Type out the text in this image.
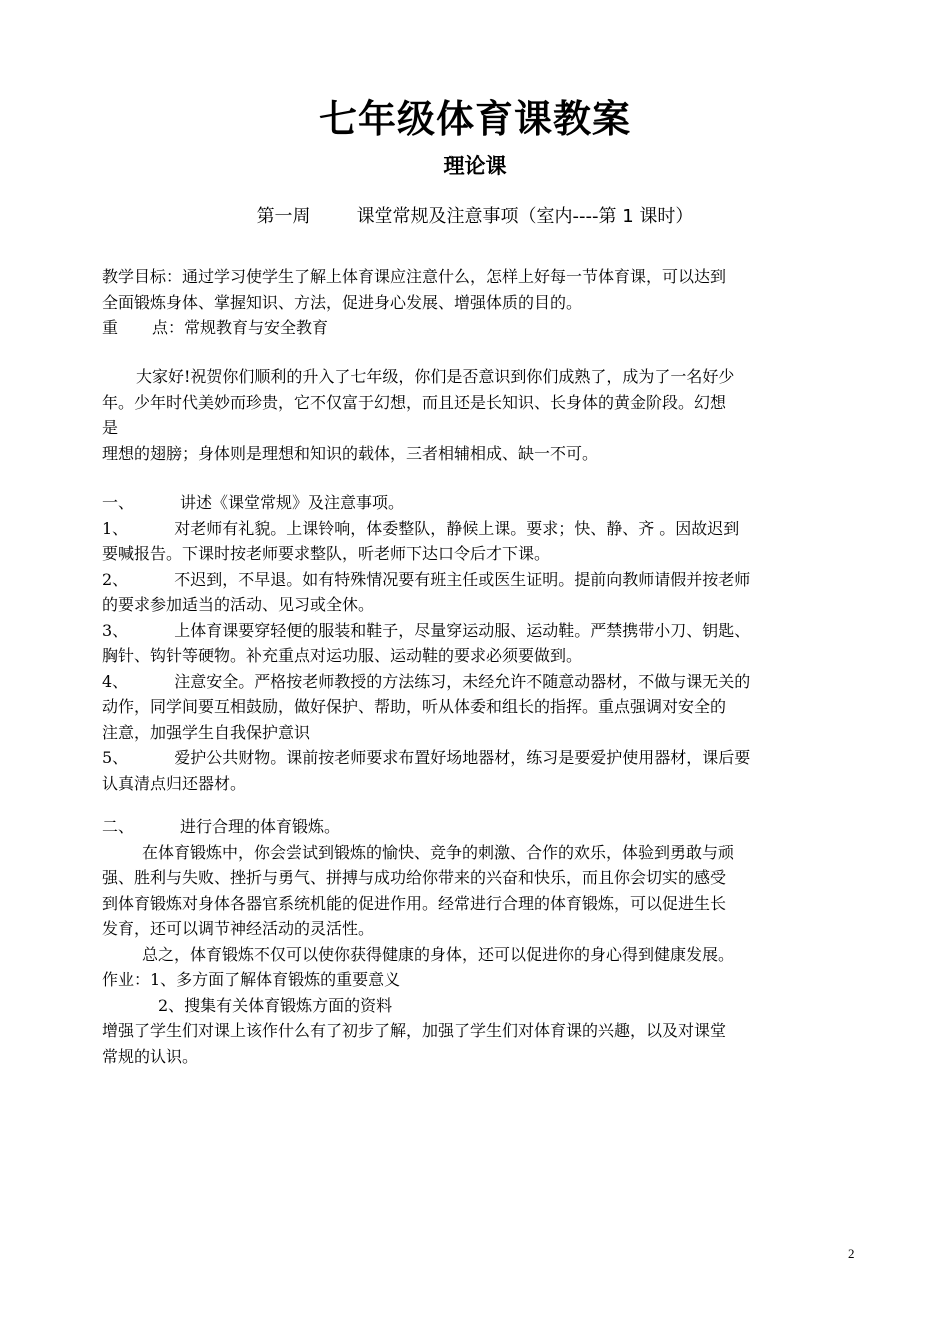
七年级体育课教案
理论课
第一周	课堂常规及注意事项（室内----第 1 课时）
教学目标：通过学习使学生了解上体育课应注意什么，怎样上好每一节体育课，可以达到
全面锻炼身体、掌握知识、方法，促进身心发展、增强体质的目的。
重 点：常规教育与安全教育
大家好!祝贺你们顺利的升入了七年级，你们是否意识到你们成熟了，成为了一名好少
年。少年时代美妙而珍贵，它不仅富于幻想，而且还是长知识、长身体的黄金阶段。幻想
是
理想的翅膀；身体则是理想和知识的载体，三者相辅相成、缺一不可。
一、	讲述《课堂常规》及注意事项。
1、	对老师有礼貌。上课铃响，体委整队，静候上课。要求；快、静、齐 。因故迟到
要喊报告。下课时按老师要求整队，听老师下达口令后才下课。
2、	不迟到，不早退。如有特殊情况要有班主任或医生证明。提前向教师请假并按老师
的要求参加适当的活动、见习或全休。
3、	上体育课要穿轻便的服装和鞋子，尽量穿运动服、运动鞋。严禁携带小刀、钥匙、
胸针、钩针等硬物。补充重点对运功服、运动鞋的要求必须要做到。
4、	注意安全。严格按老师教授的方法练习，未经允许不随意动器材，不做与课无关的
动作，同学间要互相鼓励，做好保护、帮助，听从体委和组长的指挥。重点强调对安全的
注意，加强学生自我保护意识
5、	爱护公共财物。课前按老师要求布置好场地器材，练习是要爱护使用器材，课后要
认真清点归还器材。
二、	进行合理的体育锻炼。
在体育锻炼中，你会尝试到锻炼的愉快、竞争的刺激、合作的欢乐，体验到勇敢与顽
强、胜利与失败、挫折与勇气、拼搏与成功给你带来的兴奋和快乐，而且你会切实的感受
到体育锻炼对身体各器官系统机能的促进作用。经常进行合理的体育锻炼，可以促进生长
发育，还可以调节神经活动的灵活性。
总之，体育锻炼不仅可以使你获得健康的身体，还可以促进你的身心得到健康发展。
作业：1、多方面了解体育锻炼的重要意义
2、搜集有关体育锻炼方面的资料
增强了学生们对课上该作什么有了初步了解，加强了学生们对体育课的兴趣，以及对课堂
常规的认识。
2
